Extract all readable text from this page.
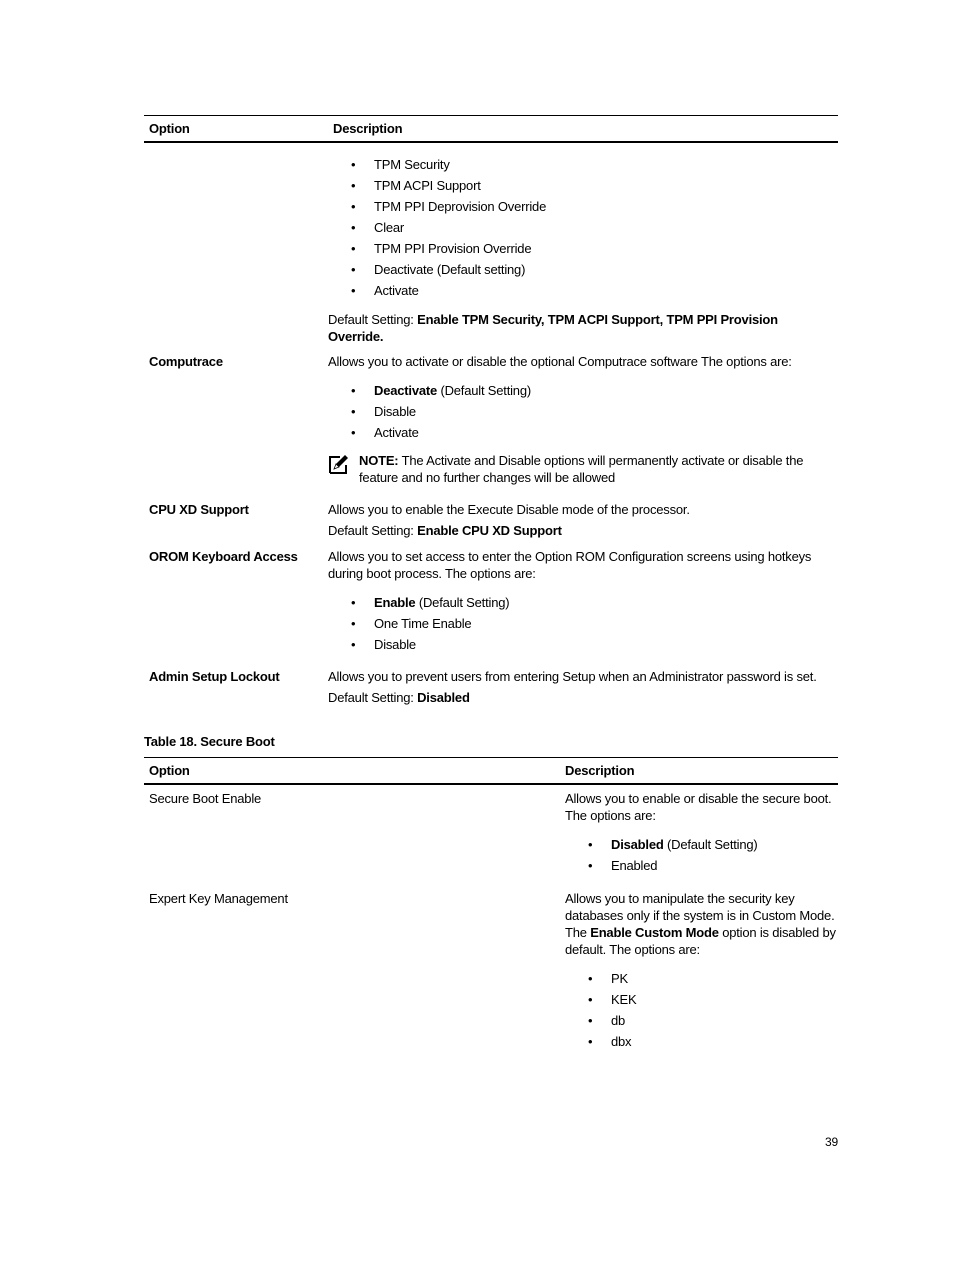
Option	Description
• TPM Security
• TPM ACPI Support
• TPM PPI Deprovision Override
• Clear
• TPM PPI Provision Override
• Deactivate (Default setting)
• Activate

Default Setting: Enable TPM Security, TPM ACPI Support, TPM PPI Provision Override.

Computrace	Allows you to activate or disable the optional Computrace software The options are:

• Deactivate (Default Setting)
• Disable
• Activate
NOTE: The Activate and Disable options will permanently activate or disable the feature and no further changes will be allowed
CPU XD Support	Allows you to enable the Execute Disable mode of the processor.

Default Setting: Enable CPU XD Support

OROM Keyboard Access	Allows you to set access to enter the Option ROM Configuration screens using hotkeys during boot process. The options are:

• Enable (Default Setting)
• One Time Enable
• Disable
Admin Setup Lockout	Allows you to prevent users from entering Setup when an Administrator password is set.

Default Setting: Disabled

Table 18. Secure Boot
Option	Description
Secure Boot Enable	Allows you to enable or disable the secure boot. The options are:

• Disabled (Default Setting)
• Enabled
Expert Key Management	Allows you to manipulate the security key databases only if the system is in Custom Mode. The Enable Custom Mode option is disabled by default. The options are:

• PK
• KEK
• db
• dbx
39
